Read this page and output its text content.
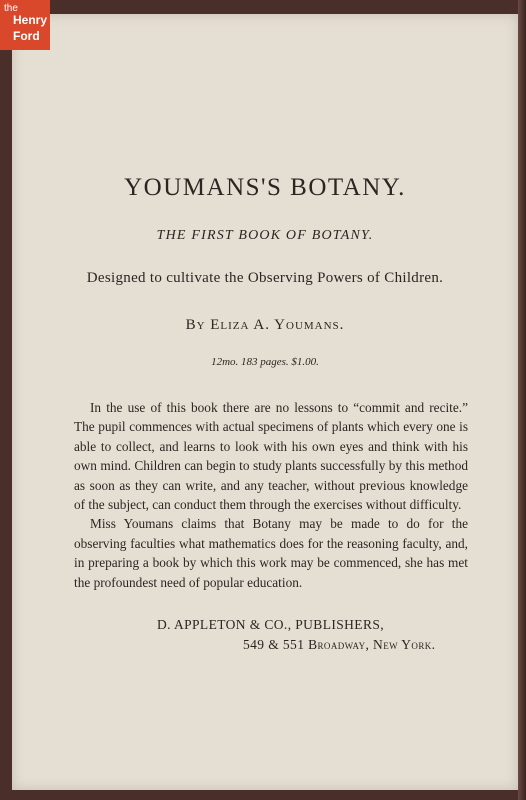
the
Henry
Ford
YOUMANS'S BOTANY.
THE FIRST BOOK OF BOTANY.
Designed to cultivate the Observing Powers of Children.
By Eliza A. Youmans.
12mo. 183 pages. $1.00.

In the use of this book there are no lessons to “commit and recite.” The pupil commences with actual specimens of plants which every one is able to collect, and learns to look with his own eyes and think with his own mind. Children can begin to study plants successfully by this method as soon as they can write, and any teacher, without previous knowledge of the subject, can conduct them through the exercises without difficulty.

Miss Youmans claims that Botany may be made to do for the observing faculties what mathematics does for the reasoning faculty, and, in preparing a book by which this work may be commenced, she has met the profoundest need of popular education.

D. APPLETON & CO., PUBLISHERS,
549 & 551 Broadway, New York.
